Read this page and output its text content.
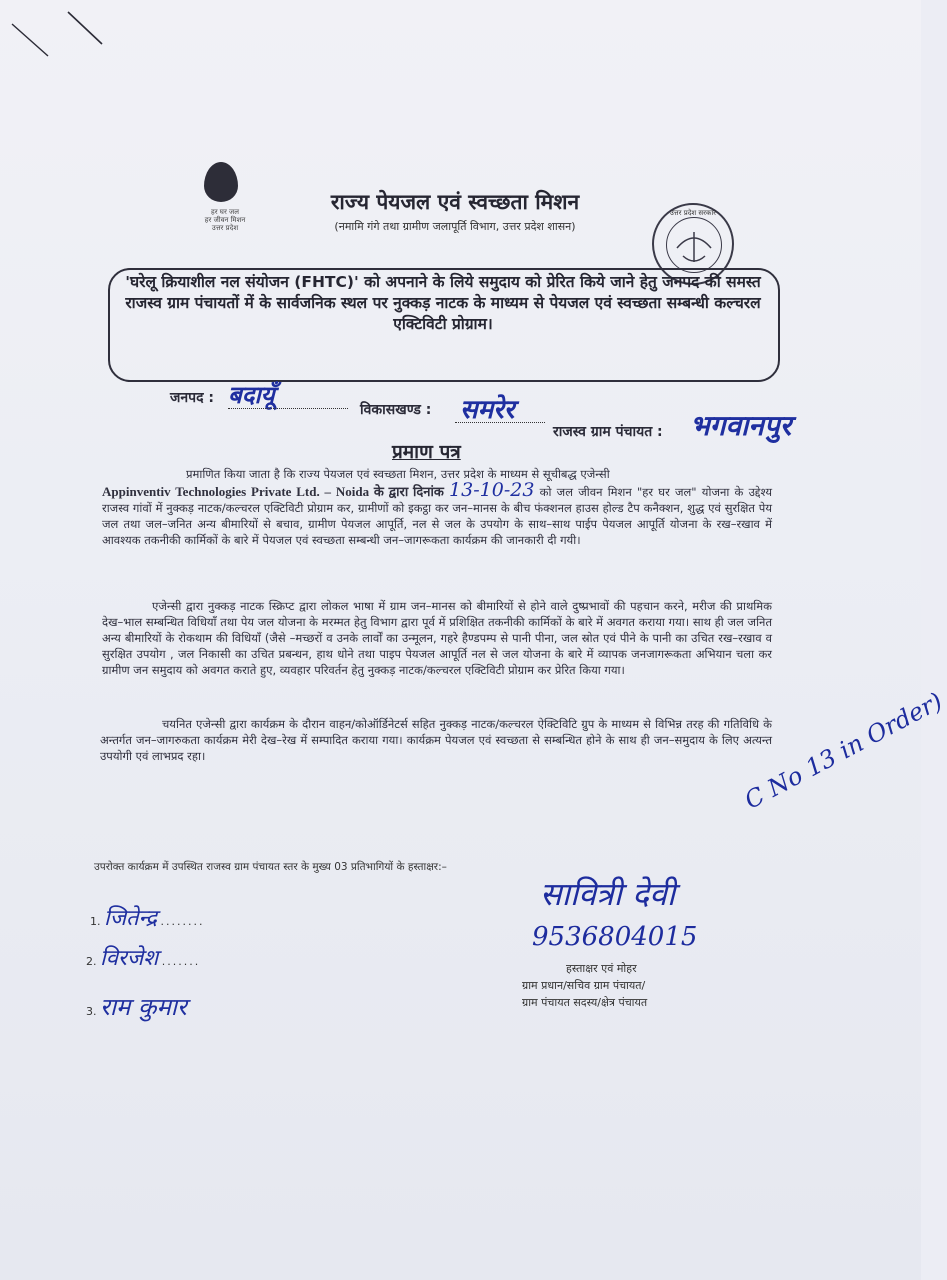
हर घर जल
हर जीवन मिशन
उत्तर प्रदेश
राज्य पेयजल एवं स्वच्छता मिशन
(नमामि गंगे तथा ग्रामीण जलापूर्ति विभाग, उत्तर प्रदेश शासन)
उत्तर प्रदेश सरकार
'घरेलू क्रियाशील नल संयोजन (FHTC)' को अपनाने के लिये समुदाय को प्रेरित किये जाने हेतु जनपद की समस्त राजस्व ग्राम पंचायतों में के सार्वजनिक स्थल पर नुक्कड़ नाटक के माध्यम से पेयजल एवं स्वच्छता सम्बन्धी कल्चरल एक्टिविटी प्रोग्राम।
जनपद : बदायूँ
विकासखण्ड : समरेर
राजस्व ग्राम पंचायत : भगवानपुर
प्रमाण पत्र
प्रमाणित किया जाता है कि राज्य पेयजल एवं स्वच्छता मिशन, उत्तर प्रदेश के माध्यम से सूचीबद्ध एजेन्सी
Appinventiv Technologies Private Ltd. – Noida के द्वारा दिनांक 13-10-23 को जल जीवन मिशन "हर घर जल" योजना के उद्देश्य राजस्व गांवों में नुक्कड़ नाटक/कल्चरल एक्टिविटी प्रोग्राम कर, ग्रामीणों को इकट्ठा कर जन–मानस के बीच फंक्शनल हाउस होल्ड टैप कनैक्शन, शुद्ध एवं सुरक्षित पेय जल तथा जल–जनित अन्य बीमारियों से बचाव, ग्रामीण पेयजल आपूर्ति, नल से जल के उपयोग के साथ–साथ पाईप पेयजल आपूर्ति योजना के रख–रखाव में आवश्यक तकनीकी कार्मिकों के बारे में पेयजल एवं स्वच्छता सम्बन्धी जन–जागरूकता कार्यक्रम की जानकारी दी गयी।
एजेन्सी द्वारा नुक्कड़ नाटक स्क्रिप्ट द्वारा लोकल भाषा में ग्राम जन–मानस को बीमारियों से होने वाले दुष्प्रभावों की पहचान करने, मरीज की प्राथमिक देख–भाल सम्बन्धित विधियाँ तथा पेय जल योजना के मरम्मत हेतु विभाग द्वारा पूर्व में प्रशिक्षित तकनीकी कार्मिकों के बारे में अवगत कराया गया। साथ ही जल जनित अन्य बीमारियों के रोकथाम की विधियाँ (जैसे –मच्छरों व उनके लार्वों का उन्मूलन, गहरे हैण्डपम्प से पानी पीना, जल स्रोत एवं पीने के पानी का उचित रख–रखाव व सुरक्षित उपयोग , जल निकासी का उचित प्रबन्धन, हाथ धोने तथा पाइप पेयजल आपूर्ति नल से जल योजना के बारे में व्यापक जनजागरूकता अभियान चला कर ग्रामीण जन समुदाय को अवगत कराते हुए, व्यवहार परिवर्तन हेतु नुक्कड़ नाटक/कल्चरल एक्टिविटी प्रोग्राम कर प्रेरित किया गया।
चयनित एजेन्सी द्वारा कार्यक्रम के दौरान वाहन/कोऑर्डिनेटर्स सहित नुक्कड़ नाटक/कल्चरल ऐक्टिविटि ग्रुप के माध्यम से विभिन्न तरह की गतिविधि के अन्तर्गत जन–जागरुकता कार्यक्रम मेरी देख–रेख में सम्पादित कराया गया। कार्यक्रम पेयजल एवं स्वच्छता से सम्बन्धित होने के साथ ही जन–समुदाय के लिए अत्यन्त उपयोगी एवं लाभप्रद रहा।
उपरोक्त कार्यक्रम में उपस्थित राजस्व ग्राम पंचायत स्तर के मुख्य 03 प्रतिभागियों के हस्ताक्षर:–
1. जितेन्द्र ........
2. विरजेश .......
3. राम कुमार
सावित्री देवी
9536804015
हस्ताक्षर एवं मोहर
ग्राम प्रधान/सचिव ग्राम पंचायत/
ग्राम पंचायत सदस्य/क्षेत्र पंचायत
C No 13 in Order)
